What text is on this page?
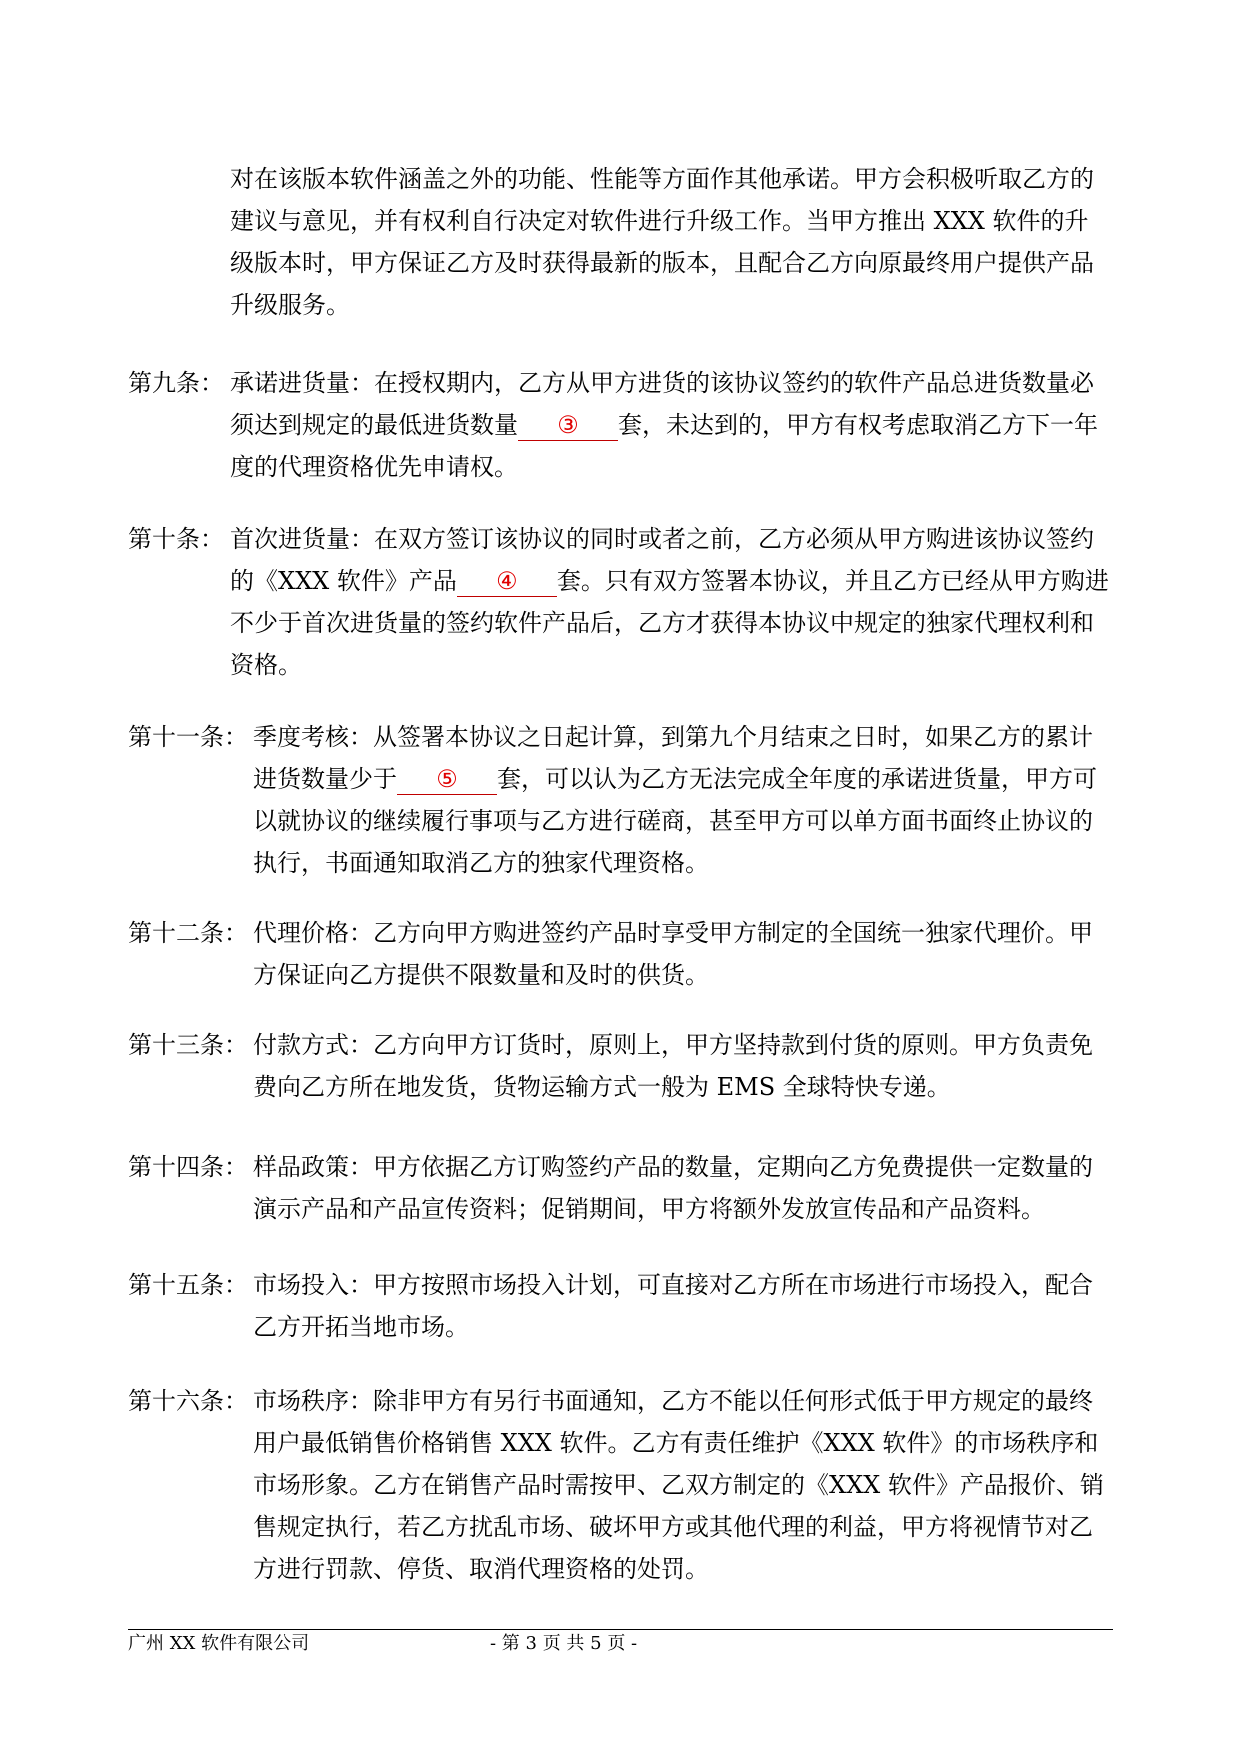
对在该版本软件涵盖之外的功能、性能等方面作其他承诺。甲方会积极听取乙方的建议与意见，并有权利自行决定对软件进行升级工作。当甲方推出 XXX 软件的升级版本时，甲方保证乙方及时获得最新的版本，且配合乙方向原最终用户提供产品升级服务。

第九条： 承诺进货量：在授权期内，乙方从甲方进货的该协议签约的软件产品总进货数量必须达到规定的最低进货数量 ③ 套，未达到的，甲方有权考虑取消乙方下一年度的代理资格优先申请权。

第十条： 首次进货量：在双方签订该协议的同时或者之前，乙方必须从甲方购进该协议签约的《XXX 软件》产品 ④ 套。只有双方签署本协议，并且乙方已经从甲方购进不少于首次进货量的签约软件产品后，乙方才获得本协议中规定的独家代理权利和资格。

第十一条： 季度考核：从签署本协议之日起计算，到第九个月结束之日时，如果乙方的累计进货数量少于 ⑤ 套，可以认为乙方无法完成全年度的承诺进货量，甲方可以就协议的继续履行事项与乙方进行磋商，甚至甲方可以单方面书面终止协议的执行，书面通知取消乙方的独家代理资格。

第十二条： 代理价格：乙方向甲方购进签约产品时享受甲方制定的全国统一独家代理价。甲方保证向乙方提供不限数量和及时的供货。

第十三条： 付款方式：乙方向甲方订货时，原则上，甲方坚持款到付货的原则。甲方负责免费向乙方所在地发货，货物运输方式一般为 EMS 全球特快专递。

第十四条： 样品政策：甲方依据乙方订购签约产品的数量，定期向乙方免费提供一定数量的演示产品和产品宣传资料；促销期间，甲方将额外发放宣传品和产品资料。

第十五条： 市场投入：甲方按照市场投入计划，可直接对乙方所在市场进行市场投入，配合乙方开拓当地市场。

第十六条： 市场秩序：除非甲方有另行书面通知，乙方不能以任何形式低于甲方规定的最终用户最低销售价格销售 XXX 软件。乙方有责任维护《XXX 软件》的市场秩序和市场形象。乙方在销售产品时需按甲、乙双方制定的《XXX 软件》产品报价、销售规定执行，若乙方扰乱市场、破坏甲方或其他代理的利益，甲方将视情节对乙方进行罚款、停货、取消代理资格的处罚。

广州 XX 软件有限公司	- 第 3 页 共 5 页 -
